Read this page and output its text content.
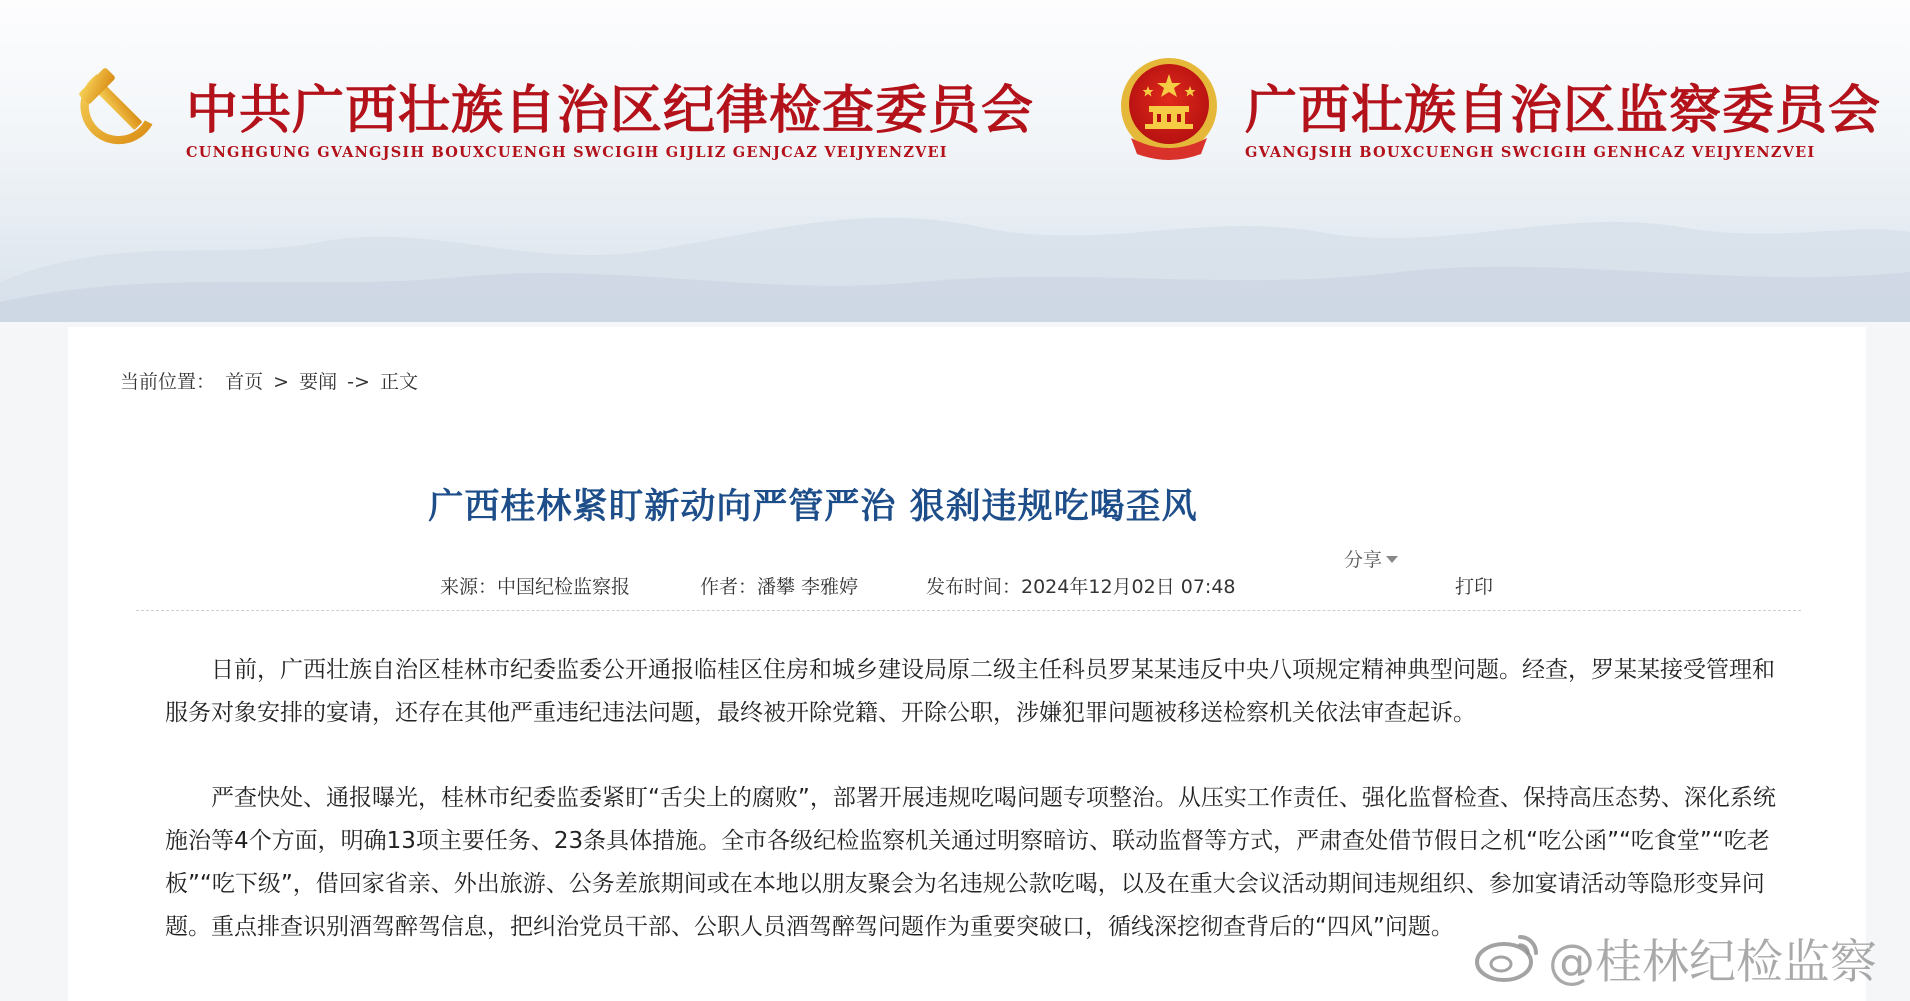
中共广西壮族自治区纪律检查委员会
CUNGHGUNG GVANGJSIH BOUXCUENGH SWCIGIH GIJLIZ GENJCAZ VEIJYENZVEI
广西壮族自治区监察委员会
GVANGJSIH BOUXCUENGH SWCIGIH GENHCAZ VEIJYENZVEI
当前位置： 首页 > 要闻 -> 正文
广西桂林紧盯新动向严管严治 狠刹违规吃喝歪风
分享
来源：中国纪检监察报	作者：潘攀 李雅婷	发布时间：2024年12月02日 07:48	打印

日前，广西壮族自治区桂林市纪委监委公开通报临桂区住房和城乡建设局原二级主任科员罗某某违反中央八项规定精神典型问题。经查，罗某某接受管理和服务对象安排的宴请，还存在其他严重违纪违法问题，最终被开除党籍、开除公职，涉嫌犯罪问题被移送检察机关依法审查起诉。

严查快处、通报曝光，桂林市纪委监委紧盯“舌尖上的腐败”，部署开展违规吃喝问题专项整治。从压实工作责任、强化监督检查、保持高压态势、深化系统施治等4个方面，明确13项主要任务、23条具体措施。全市各级纪检监察机关通过明察暗访、联动监督等方式，严肃查处借节假日之机“吃公函”“吃食堂”“吃老板”“吃下级”，借回家省亲、外出旅游、公务差旅期间或在本地以朋友聚会为名违规公款吃喝，以及在重大会议活动期间违规组织、参加宴请活动等隐形变异问题。重点排查识别酒驾醉驾信息，把纠治党员干部、公职人员酒驾醉驾问题作为重要突破口，循线深挖彻查背后的“四风”问题。

@桂林纪检监察
